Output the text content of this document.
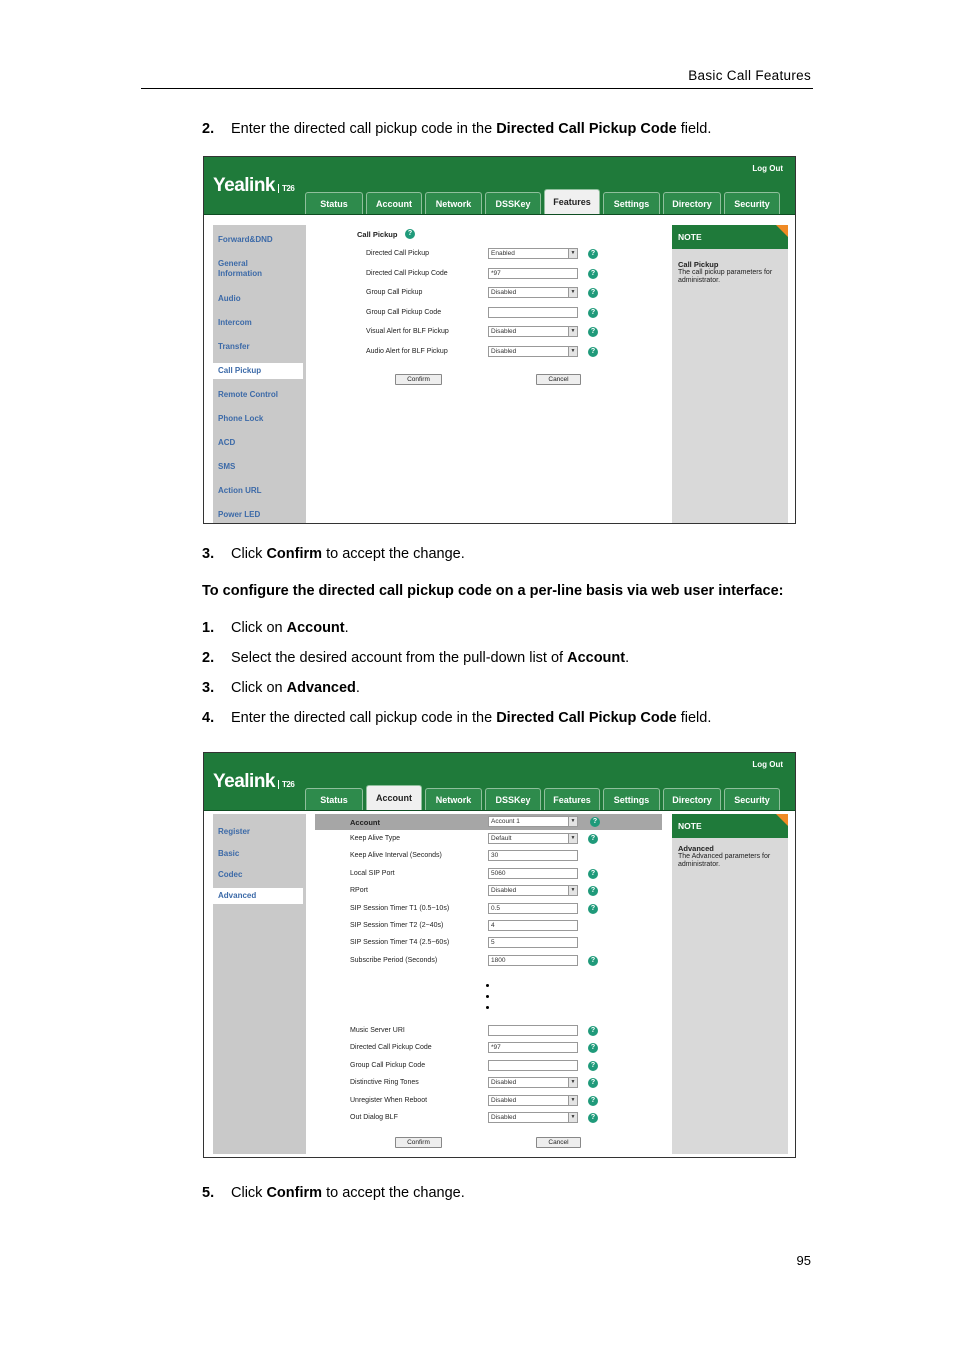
Basic Call Features
2. Enter the directed call pickup code in the Directed Call Pickup Code field.
Yealink T26
Log Out
Status	Account	Network	DSSKey	Features	Settings	Directory	Security
Call Pickup	?
Confirm	Cancel
NOTE
Call Pickup
The call pickup parameters for administrator.
Forward&DND
General Information
Audio
Intercom
Transfer
Call Pickup
Remote Control
Phone Lock
ACD
SMS
Action URL
Power LED
Directed Call Pickup	Enabled	▼	?
Directed Call Pickup Code	*97	?
Group Call Pickup	Disabled	▼	?
Group Call Pickup Code	?
Visual Alert for BLF Pickup	Disabled	▼	?
Audio Alert for BLF Pickup	Disabled	▼	?
3. Click Confirm to accept the change.
To configure the directed call pickup code on a per-line basis via web user interface:
1. Click on Account.
2. Select the desired account from the pull-down list of Account.
3. Click on Advanced.
4. Enter the directed call pickup code in the Directed Call Pickup Code field.
Yealink T26
Log Out
Status	Account	Network	DSSKey	Features	Settings	Directory	Security
Account	Account 1	▼	?
Confirm	Cancel
NOTE
Advanced
The Advanced parameters for administrator.
Register
Basic
Codec
Advanced
Keep Alive Type	Default	▼	?
Keep Alive Interval (Seconds)	30
Local SIP Port	5060	?
RPort	Disabled	▼	?
SIP Session Timer T1 (0.5~10s)	0.5	?
SIP Session Timer T2 (2~40s)	4
SIP Session Timer T4 (2.5~60s)	5
Subscribe Period (Seconds)	1800	?
Music Server URI	?
Directed Call Pickup Code	*97	?
Group Call Pickup Code	?
Distinctive Ring Tones	Disabled	▼	?
Unregister When Reboot	Disabled	▼	?
Out Dialog BLF	Disabled	▼	?
5. Click Confirm to accept the change.
95
